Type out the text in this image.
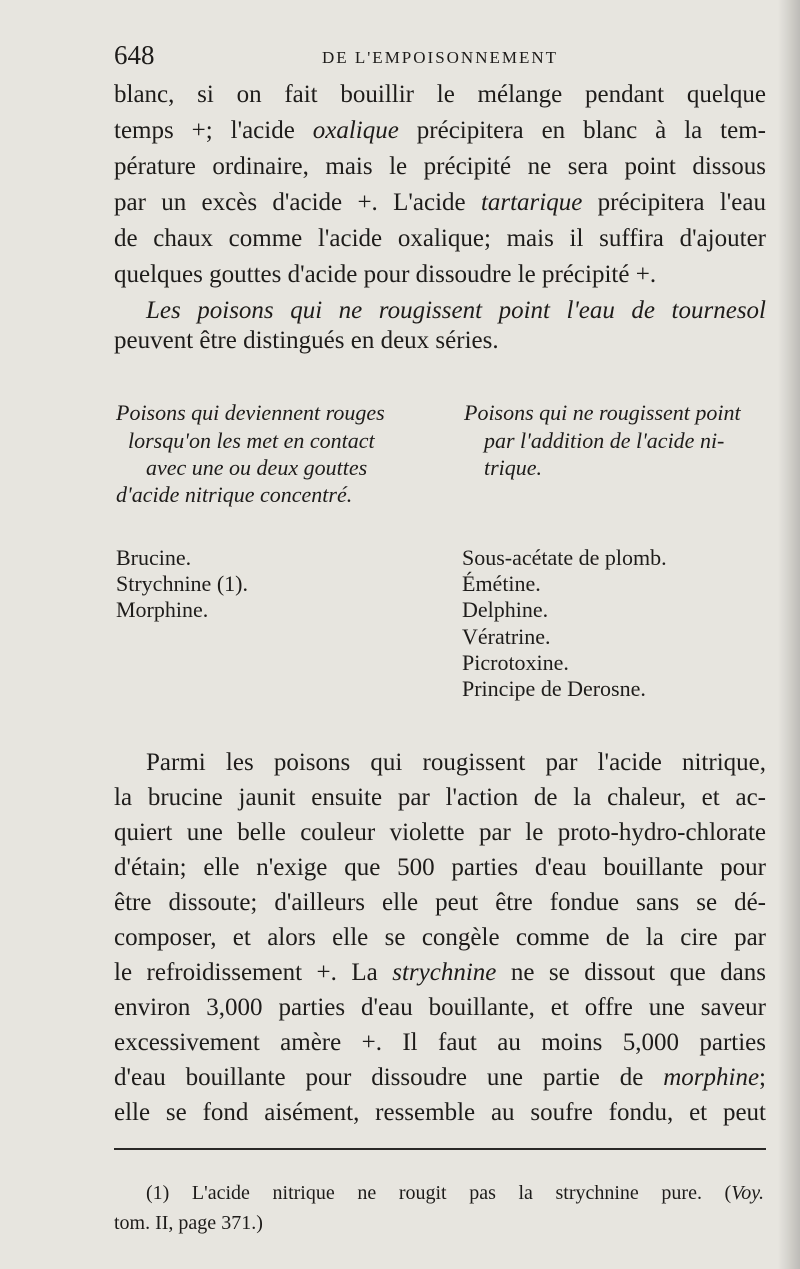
648	DE L'EMPOISONNEMENT

blanc, si on fait bouillir le mélange pendant quelque

temps +; l'acide oxalique précipitera en blanc à la tem-

pérature ordinaire, mais le précipité ne sera point dissous

par un excès d'acide +. L'acide tartarique précipitera l'eau

de chaux comme l'acide oxalique; mais il suffira d'ajouter

quelques gouttes d'acide pour dissoudre le précipité +.

Les poisons qui ne rougissent point l'eau de tournesol

peuvent être distingués en deux séries.

Poisons qui deviennent rouges

lorsqu'on les met en contact

avec une ou deux gouttes

d'acide nitrique concentré.

Poisons qui ne rougissent point

par l'addition de l'acide ni-

trique.

Brucine.

Strychnine (1).

Morphine.

Sous-acétate de plomb.

Émétine.

Delphine.

Vératrine.

Picrotoxine.

Principe de Derosne.

Parmi les poisons qui rougissent par l'acide nitrique,

la brucine jaunit ensuite par l'action de la chaleur, et ac-

quiert une belle couleur violette par le proto-hydro-chlorate

d'étain; elle n'exige que 500 parties d'eau bouillante pour

être dissoute; d'ailleurs elle peut être fondue sans se dé-

composer, et alors elle se congèle comme de la cire par

le refroidissement +. La strychnine ne se dissout que dans

environ 3,000 parties d'eau bouillante, et offre une saveur

excessivement amère +. Il faut au moins 5,000 parties

d'eau bouillante pour dissoudre une partie de morphine;

elle se fond aisément, ressemble au soufre fondu, et peut

(1) L'acide nitrique ne rougit pas la strychnine pure. (Voy.

tom. II, page 371.)
